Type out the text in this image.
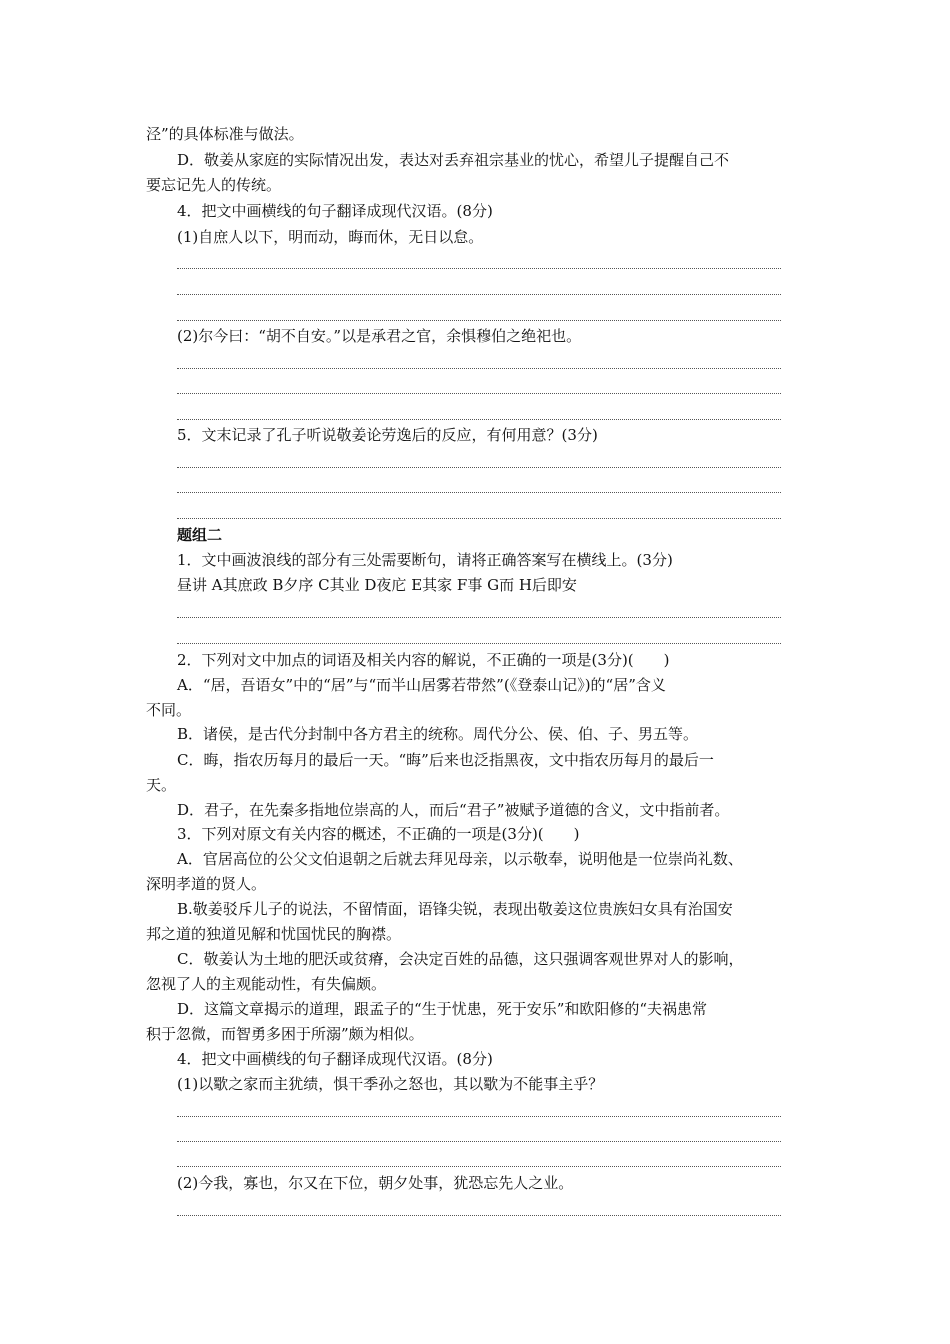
泾”的具体标准与做法。
D．敬姜从家庭的实际情况出发，表达对丢弃祖宗基业的忧心，希望儿子提醒自己不
要忘记先人的传统。
4．把文中画横线的句子翻译成现代汉语。(8分)
(1)自庶人以下，明而动，晦而休，无日以怠。
(2)尔今曰：“胡不自安。”以是承君之官，余惧穆伯之绝祀也。
5．文末记录了孔子听说敬姜论劳逸后的反应，有何用意？(3分)
题组二
1．文中画波浪线的部分有三处需要断句，请将正确答案写在横线上。(3分)
昼讲 A其庶政 B夕序 C其业 D夜庀 E其家 F事 G而 H后即安
2．下列对文中加点的词语及相关内容的解说，不正确的一项是(3分)(　　)
A．“居，吾语女”中的“居”与“而半山居雾若带然”(《登泰山记》)的“居”含义
不同。
B．诸侯，是古代分封制中各方君主的统称。周代分公、侯、伯、子、男五等。
C．晦，指农历每月的最后一天。“晦”后来也泛指黑夜，文中指农历每月的最后一
天。
D．君子，在先秦多指地位崇高的人，而后“君子”被赋予道德的含义，文中指前者。
3．下列对原文有关内容的概述，不正确的一项是(3分)(　　)
A．官居高位的公父文伯退朝之后就去拜见母亲，以示敬奉，说明他是一位崇尚礼数、
深明孝道的贤人。
B.敬姜驳斥儿子的说法，不留情面，语锋尖锐，表现出敬姜这位贵族妇女具有治国安
邦之道的独道见解和忧国忧民的胸襟。
C．敬姜认为土地的肥沃或贫瘠，会决定百姓的品德，这只强调客观世界对人的影响，
忽视了人的主观能动性，有失偏颇。
D．这篇文章揭示的道理，跟孟子的“生于忧患，死于安乐”和欧阳修的“夫祸患常
积于忽微，而智勇多困于所溺”颇为相似。
4．把文中画横线的句子翻译成现代汉语。(8分)
(1)以歜之家而主犹绩，惧干季孙之怒也，其以歜为不能事主乎？
(2)今我，寡也，尔又在下位，朝夕处事，犹恐忘先人之业。
